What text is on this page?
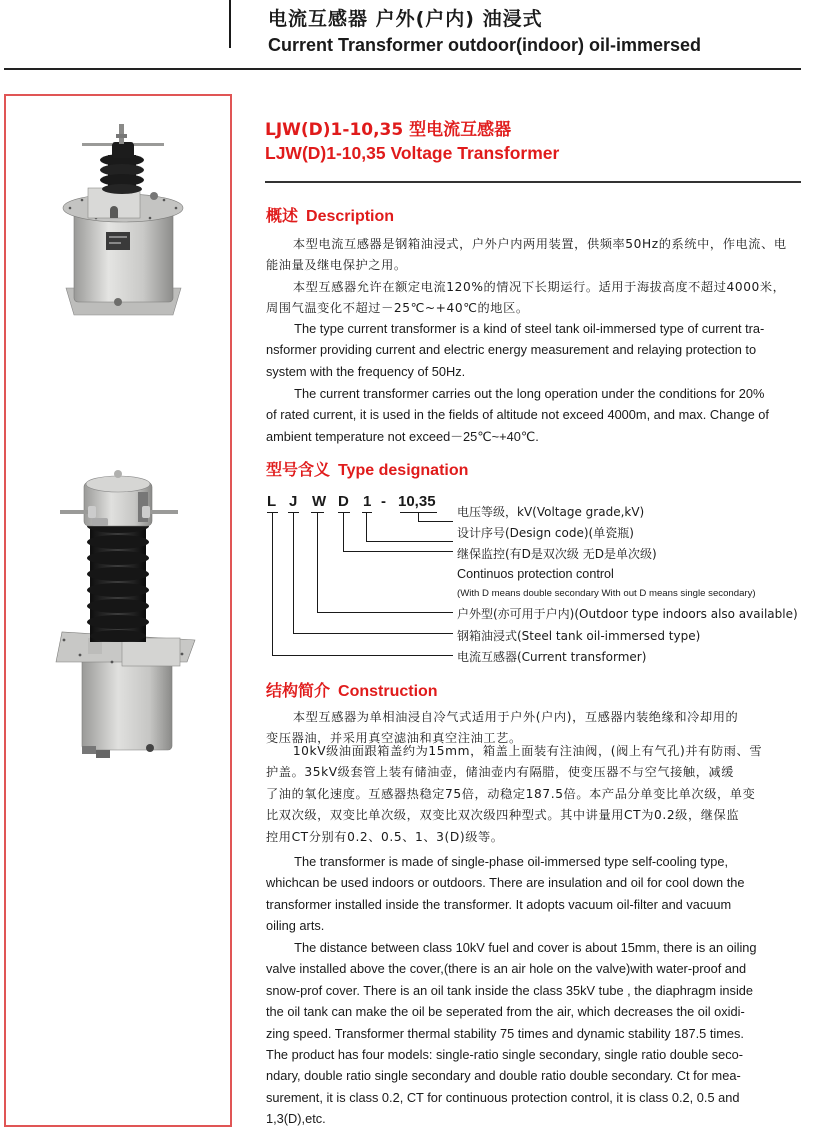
电流互感器 户外(户内) 油浸式
Current Transformer outdoor(indoor) oil-immersed
LJW(D)1-10,35 型电流互感器
LJW(D)1-10,35 Voltage Transformer
概述 Description
本型电流互感器是钢箱油浸式，户外户内两用装置，供频率50Hz的系统中，作电流、电
能油量及继电保护之用。
本型互感器允许在额定电流120%的情况下长期运行。适用于海拔高度不超过4000米，
周围气温变化不超过－25℃~+40℃的地区。
The type current transformer is a kind of steel tank oil-immersed type of current tra-
nsformer providing current and electric energy measurement and relaying protection to
system with the frequency of 50Hz.
The current transformer carries out the long operation under the conditions for 20%
of rated current, it is used in the fields of altitude not exceed 4000m, and max. Change of
ambient temperature not exceed－25℃~+40℃.
型号含义 Type designation
L J W D 1 - 10,35
电压等级，kV(Voltage grade,kV)
设计序号(Design code)(单瓷瓶)
继保监控(有D是双次级 无D是单次级)
Continuos protection control
(With D means double secondary With out D means single secondary)
户外型(亦可用于户内)(Outdoor type indoors also available)
钢箱油浸式(Steel tank oil-immersed type)
电流互感器(Current transformer)
结构简介 Construction
本型互感器为单相油浸自冷气式适用于户外(户内)，互感器内装绝缘和冷却用的
变压器油，并采用真空滤油和真空注油工艺。
10kV级油面跟箱盖约为15mm，箱盖上面装有注油阀，(阀上有气孔)并有防雨、雪
护盖。35kV级套管上装有储油壶，储油壶内有隔腊，使变压器不与空气接触，减缓
了油的氧化速度。互感器热稳定75倍，动稳定187.5倍。本产品分单变比单次级，单变
比双次级，双变比单次级，双变比双次级四种型式。其中讲量用CT为0.2级，继保监
控用CT分别有0.2、0.5、1、3(D)级等。
The transformer is made of single-phase oil-immersed type self-cooling type,
whichcan be used indoors or outdoors. There are insulation and oil for cool down the
transformer installed inside the transformer. It adopts vacuum oil-filter and vacuum
oiling arts.
The distance between class 10kV fuel and cover is about 15mm, there is an oiling
valve installed above the cover,(there is an air hole on the valve)with water-proof and
snow-prof cover. There is an oil tank inside the class 35kV tube , the diaphragm inside
the oil tank can make the oil be seperated from the air, which decreases the oil oxidi-
zing speed. Transformer thermal stability 75 times and dynamic stability 187.5 times.
The product has four models: single-ratio single secondary, single ratio double seco-
ndary, double ratio single secondary and double ratio double secondary. Ct for mea-
surement, it is class 0.2, CT for continuous protection control, it is class 0.2, 0.5 and
1,3(D),etc.
